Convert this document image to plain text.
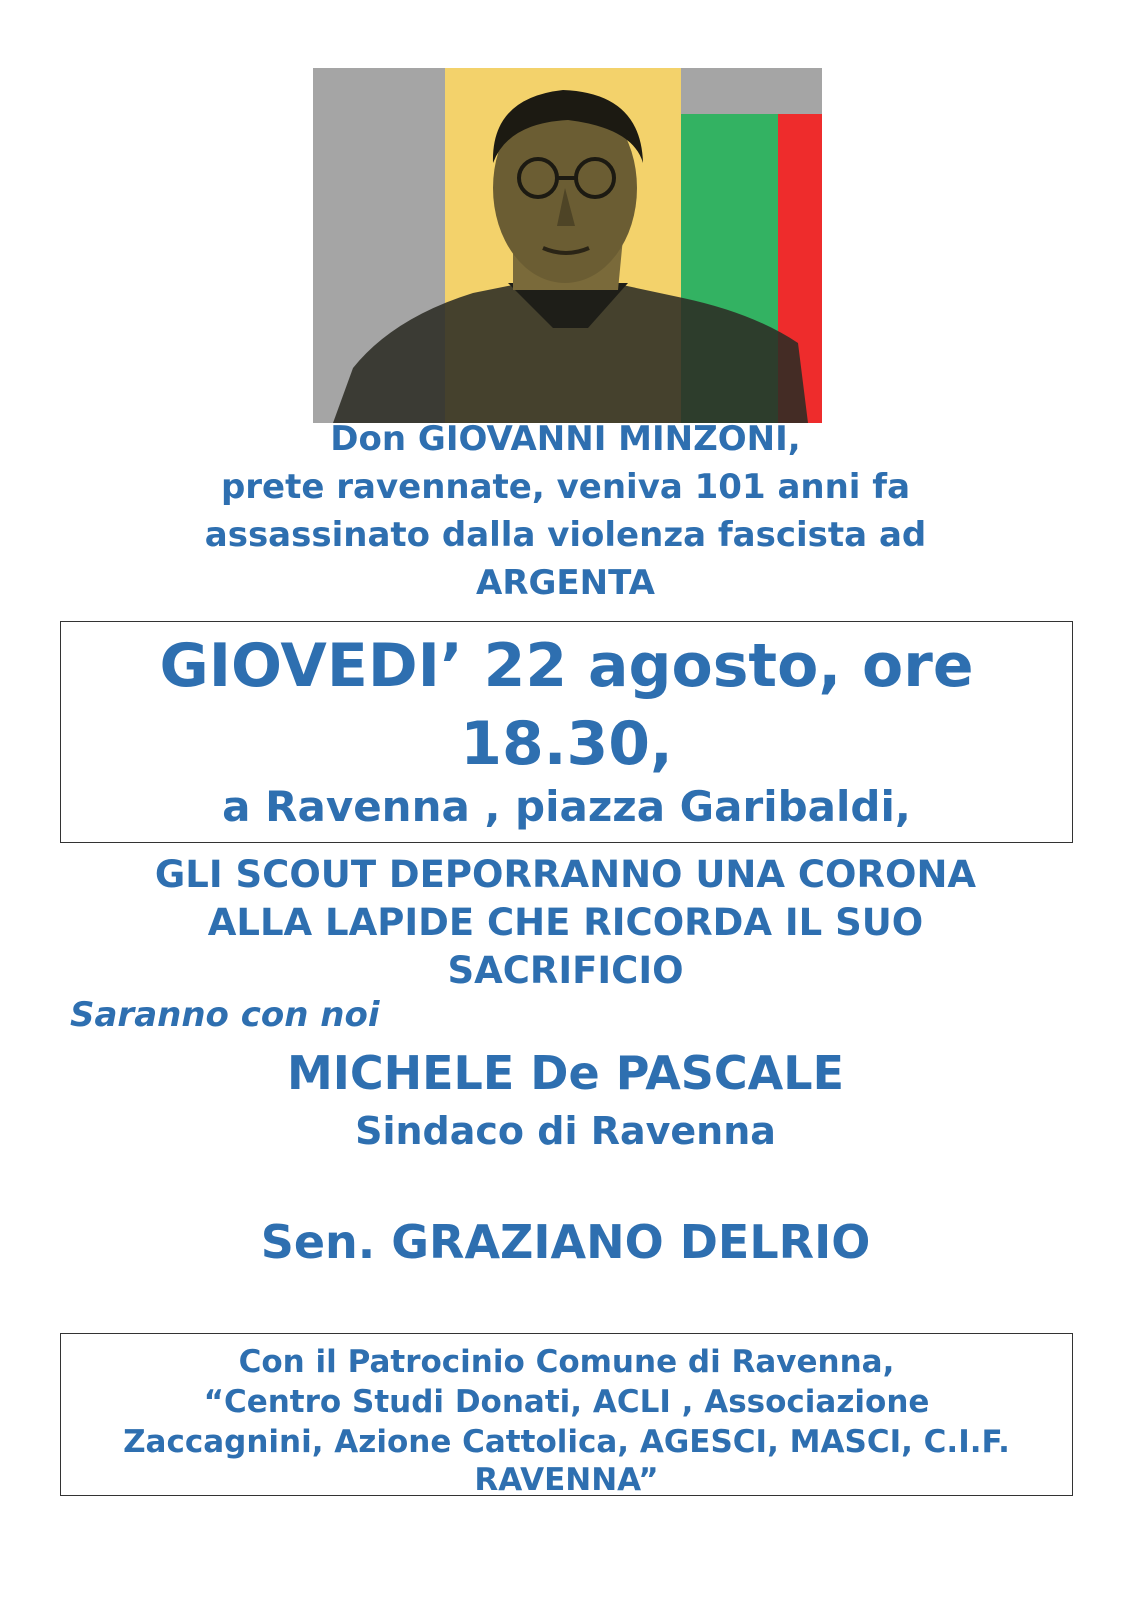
Don GIOVANNI MINZONI,
prete ravennate, veniva 101 anni fa
assassinato dalla violenza fascista ad
ARGENTA
GIOVEDI’ 22 agosto, ore
18.30,
a Ravenna , piazza Garibaldi,
GLI SCOUT DEPORRANNO UNA CORONA
ALLA LAPIDE CHE RICORDA IL SUO
SACRIFICIO
Saranno con noi
MICHELE De PASCALE
Sindaco di Ravenna
Sen. GRAZIANO DELRIO
Con il Patrocinio Comune di Ravenna,
“Centro Studi Donati, ACLI , Associazione
Zaccagnini, Azione Cattolica, AGESCI, MASCI, C.I.F.
RAVENNA”
